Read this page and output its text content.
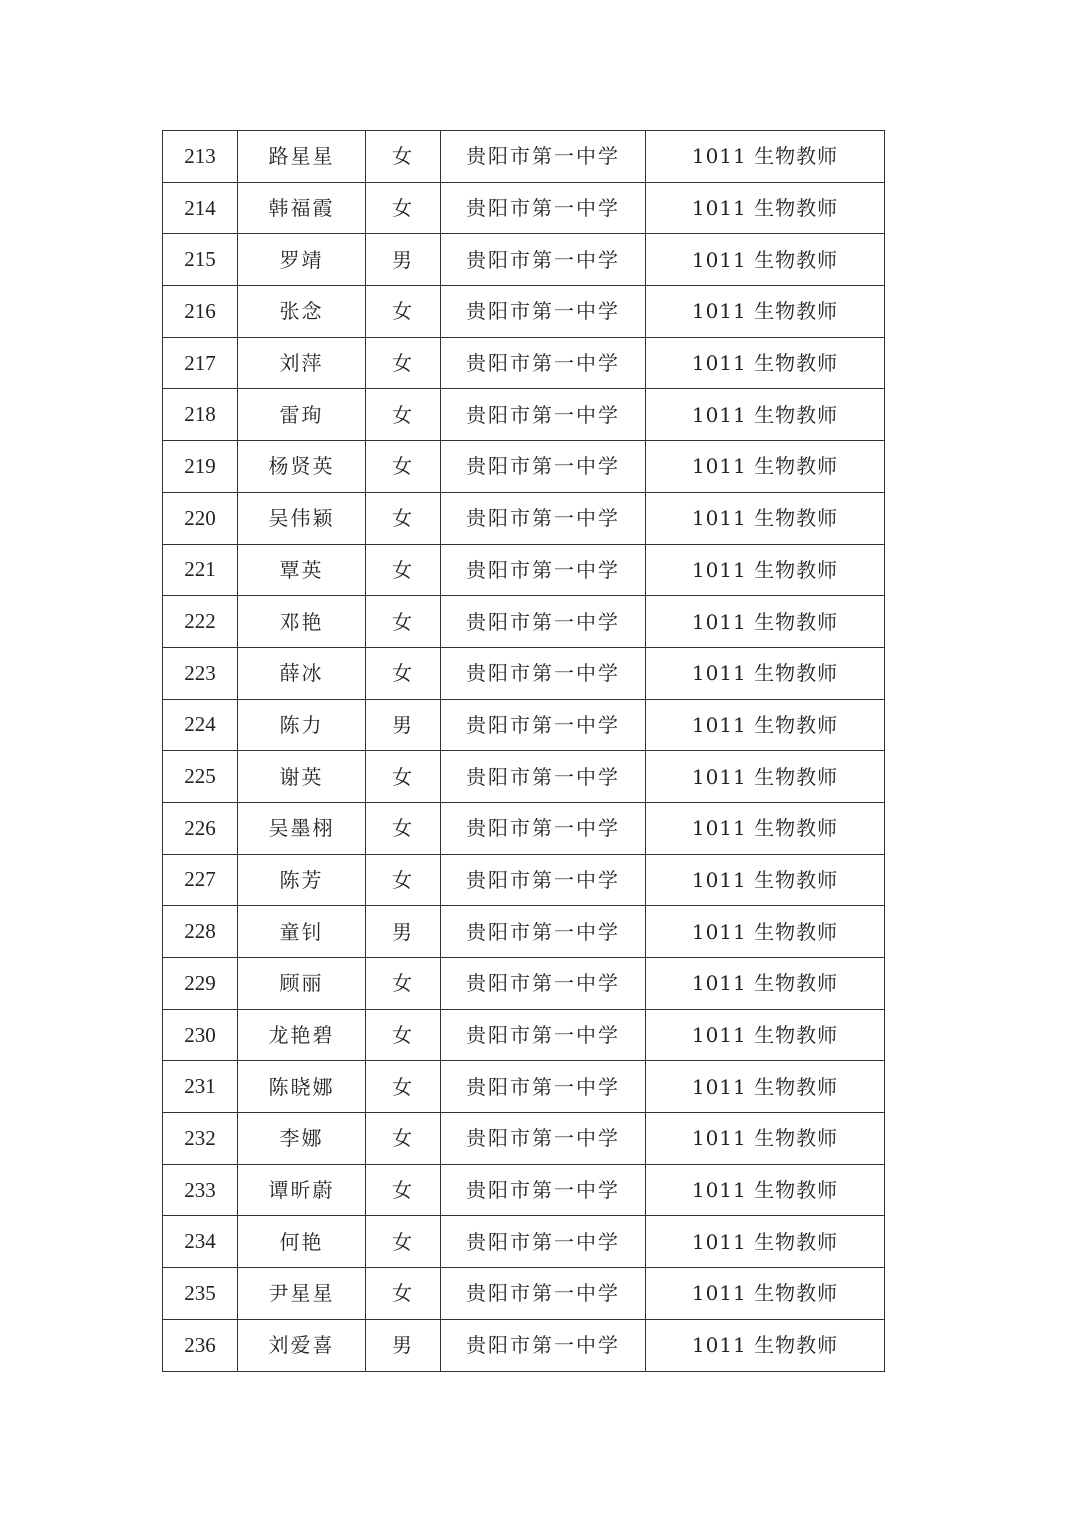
213	路星星	女	贵阳市第一中学	1011 生物教师
214	韩福霞	女	贵阳市第一中学	1011 生物教师
215	罗靖	男	贵阳市第一中学	1011 生物教师
216	张念	女	贵阳市第一中学	1011 生物教师
217	刘萍	女	贵阳市第一中学	1011 生物教师
218	雷珣	女	贵阳市第一中学	1011 生物教师
219	杨贤英	女	贵阳市第一中学	1011 生物教师
220	吴伟颖	女	贵阳市第一中学	1011 生物教师
221	覃英	女	贵阳市第一中学	1011 生物教师
222	邓艳	女	贵阳市第一中学	1011 生物教师
223	薛冰	女	贵阳市第一中学	1011 生物教师
224	陈力	男	贵阳市第一中学	1011 生物教师
225	谢英	女	贵阳市第一中学	1011 生物教师
226	吴墨栩	女	贵阳市第一中学	1011 生物教师
227	陈芳	女	贵阳市第一中学	1011 生物教师
228	童钊	男	贵阳市第一中学	1011 生物教师
229	顾丽	女	贵阳市第一中学	1011 生物教师
230	龙艳碧	女	贵阳市第一中学	1011 生物教师
231	陈晓娜	女	贵阳市第一中学	1011 生物教师
232	李娜	女	贵阳市第一中学	1011 生物教师
233	谭昕蔚	女	贵阳市第一中学	1011 生物教师
234	何艳	女	贵阳市第一中学	1011 生物教师
235	尹星星	女	贵阳市第一中学	1011 生物教师
236	刘爱喜	男	贵阳市第一中学	1011 生物教师
